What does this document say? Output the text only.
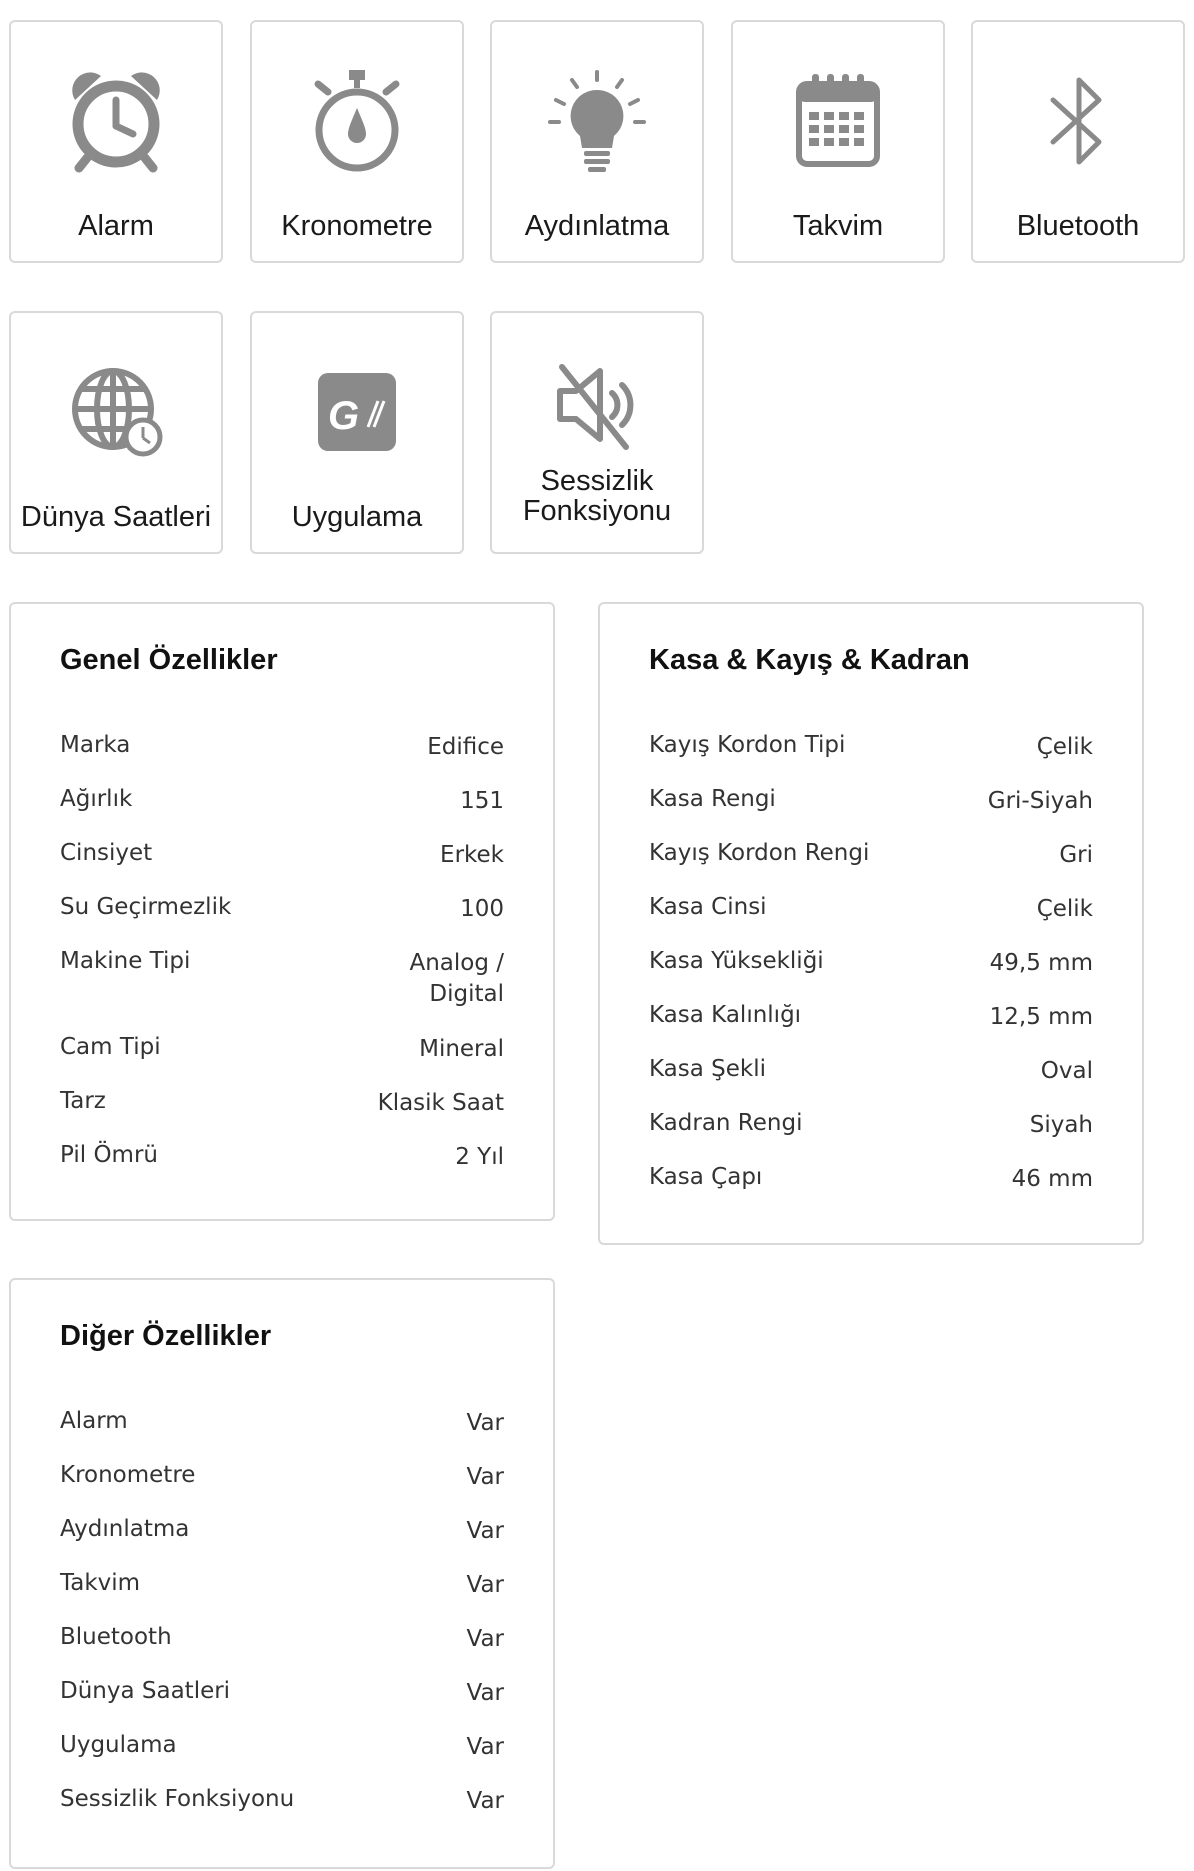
Alarm	Kronometre	Aydınlatma	Takvim	Bluetooth
Dünya Saatleri
G
Uygulama
Sessizlik
Fonksiyonu
Genel Özellikler
Marka	Edifice
Ağırlık	151
Cinsiyet	Erkek
Su Geçirmezlik	100
Makine Tipi	Analog /
Digital
Cam Tipi	Mineral
Tarz	Klasik Saat
Pil Ömrü	2 Yıl
Kasa & Kayış & Kadran
Kayış Kordon Tipi	Çelik
Kasa Rengi	Gri-Siyah
Kayış Kordon Rengi	Gri
Kasa Cinsi	Çelik
Kasa Yüksekliği	49,5 mm
Kasa Kalınlığı	12,5 mm
Kasa Şekli	Oval
Kadran Rengi	Siyah
Kasa Çapı	46 mm
Diğer Özellikler
Alarm	Var
Kronometre	Var
Aydınlatma	Var
Takvim	Var
Bluetooth	Var
Dünya Saatleri	Var
Uygulama	Var
Sessizlik Fonksiyonu	Var
